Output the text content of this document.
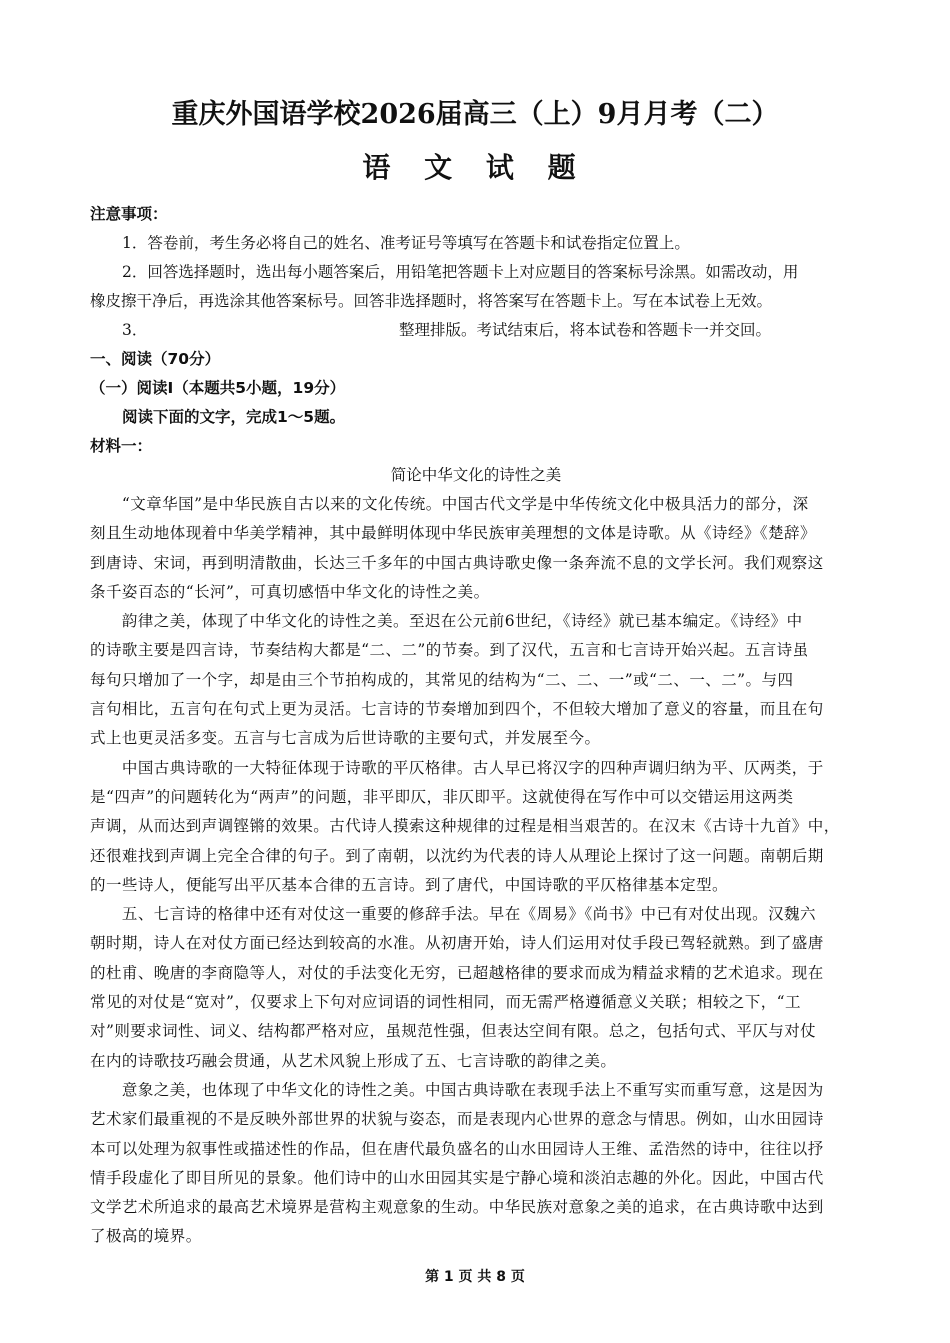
重庆外国语学校2026届高三（上）9月月考（二）
语 文 试 题
注意事项：
1．答卷前，考生务必将自己的姓名、准考证号等填写在答题卡和试卷指定位置上。
2．回答选择题时，选出每小题答案后，用铅笔把答题卡上对应题目的答案标号涂黑。如需改动，用
橡皮擦干净后，再选涂其他答案标号。回答非选择题时，将答案写在答题卡上。写在本试卷上无效。
3．	整理排版。考试结束后，将本试卷和答题卡一并交回。
一、阅读（70分）
（一）阅读Ⅰ（本题共5小题，19分）
阅读下面的文字，完成1～5题。
材料一：
简论中华文化的诗性之美
　　“文章华国”是中华民族自古以来的文化传统。中国古代文学是中华传统文化中极具活力的部分，深
刻且生动地体现着中华美学精神，其中最鲜明体现中华民族审美理想的文体是诗歌。从《诗经》《楚辞》
到唐诗、宋词，再到明清散曲，长达三千多年的中国古典诗歌史像一条奔流不息的文学长河。我们观察这
条千姿百态的“长河”，可真切感悟中华文化的诗性之美。
　　韵律之美，体现了中华文化的诗性之美。至迟在公元前6世纪，《诗经》就已基本编定。《诗经》中
的诗歌主要是四言诗，节奏结构大都是“二、二”的节奏。到了汉代，五言和七言诗开始兴起。五言诗虽
每句只增加了一个字，却是由三个节拍构成的，其常见的结构为“二、二、一”或“二、一、二”。与四
言句相比，五言句在句式上更为灵活。七言诗的节奏增加到四个，不但较大增加了意义的容量，而且在句
式上也更灵活多变。五言与七言成为后世诗歌的主要句式，并发展至今。
　　中国古典诗歌的一大特征体现于诗歌的平仄格律。古人早已将汉字的四种声调归纳为平、仄两类，于
是“四声”的问题转化为“两声”的问题，非平即仄，非仄即平。这就使得在写作中可以交错运用这两类
声调，从而达到声调铿锵的效果。古代诗人摸索这种规律的过程是相当艰苦的。在汉末《古诗十九首》中，
还很难找到声调上完全合律的句子。到了南朝，以沈约为代表的诗人从理论上探讨了这一问题。南朝后期
的一些诗人，便能写出平仄基本合律的五言诗。到了唐代，中国诗歌的平仄格律基本定型。
　　五、七言诗的格律中还有对仗这一重要的修辞手法。早在《周易》《尚书》中已有对仗出现。汉魏六
朝时期，诗人在对仗方面已经达到较高的水准。从初唐开始，诗人们运用对仗手段已驾轻就熟。到了盛唐
的杜甫、晚唐的李商隐等人，对仗的手法变化无穷，已超越格律的要求而成为精益求精的艺术追求。现在
常见的对仗是“宽对”，仅要求上下句对应词语的词性相同，而无需严格遵循意义关联；相较之下，“工
对”则要求词性、词义、结构都严格对应，虽规范性强，但表达空间有限。总之，包括句式、平仄与对仗
在内的诗歌技巧融会贯通，从艺术风貌上形成了五、七言诗歌的韵律之美。
　　意象之美，也体现了中华文化的诗性之美。中国古典诗歌在表现手法上不重写实而重写意，这是因为
艺术家们最重视的不是反映外部世界的状貌与姿态，而是表现内心世界的意念与情思。例如，山水田园诗
本可以处理为叙事性或描述性的作品，但在唐代最负盛名的山水田园诗人王维、孟浩然的诗中，往往以抒
情手段虚化了即目所见的景象。他们诗中的山水田园其实是宁静心境和淡泊志趣的外化。因此，中国古代
文学艺术所追求的最高艺术境界是营构主观意象的生动。中华民族对意象之美的追求，在古典诗歌中达到
了极高的境界。
第 1 页 共 8 页
